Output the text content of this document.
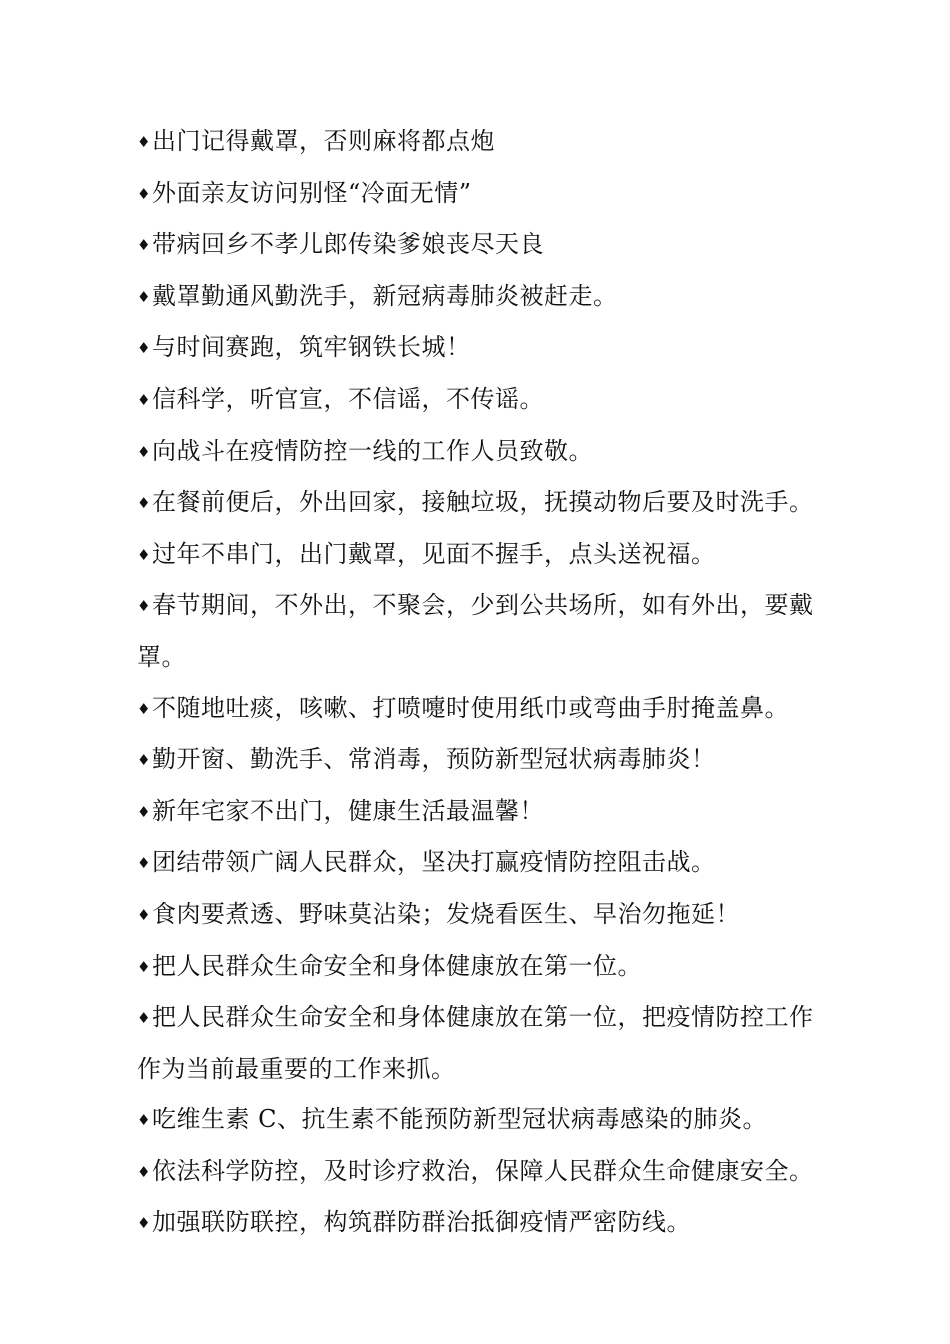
♦出门记得戴罩，否则麻将都点炮

♦外面亲友访问别怪“冷面无情”

♦带病回乡不孝儿郎传染爹娘丧尽天良

♦戴罩勤通风勤洗手，新冠病毒肺炎被赶走。

♦与时间赛跑，筑牢钢铁长城！

♦信科学，听官宣，不信谣，不传谣。

♦向战斗在疫情防控一线的工作人员致敬。

♦在餐前便后，外出回家，接触垃圾，抚摸动物后要及时洗手。

♦过年不串门，出门戴罩，见面不握手，点头送祝福。

♦春节期间，不外出，不聚会，少到公共场所，如有外出，要戴罩。

♦不随地吐痰，咳嗽、打喷嚏时使用纸巾或弯曲手肘掩盖鼻。

♦勤开窗、勤洗手、常消毒，预防新型冠状病毒肺炎！

♦新年宅家不出门，健康生活最温馨！

♦团结带领广阔人民群众，坚决打赢疫情防控阻击战。

♦食肉要煮透、野味莫沾染；发烧看医生、早治勿拖延！

♦把人民群众生命安全和身体健康放在第一位。

♦把人民群众生命安全和身体健康放在第一位，把疫情防控工作作为当前最重要的工作来抓。

♦吃维生素 C、抗生素不能预防新型冠状病毒感染的肺炎。

♦依法科学防控，及时诊疗救治，保障人民群众生命健康安全。

♦加强联防联控，构筑群防群治抵御疫情严密防线。
